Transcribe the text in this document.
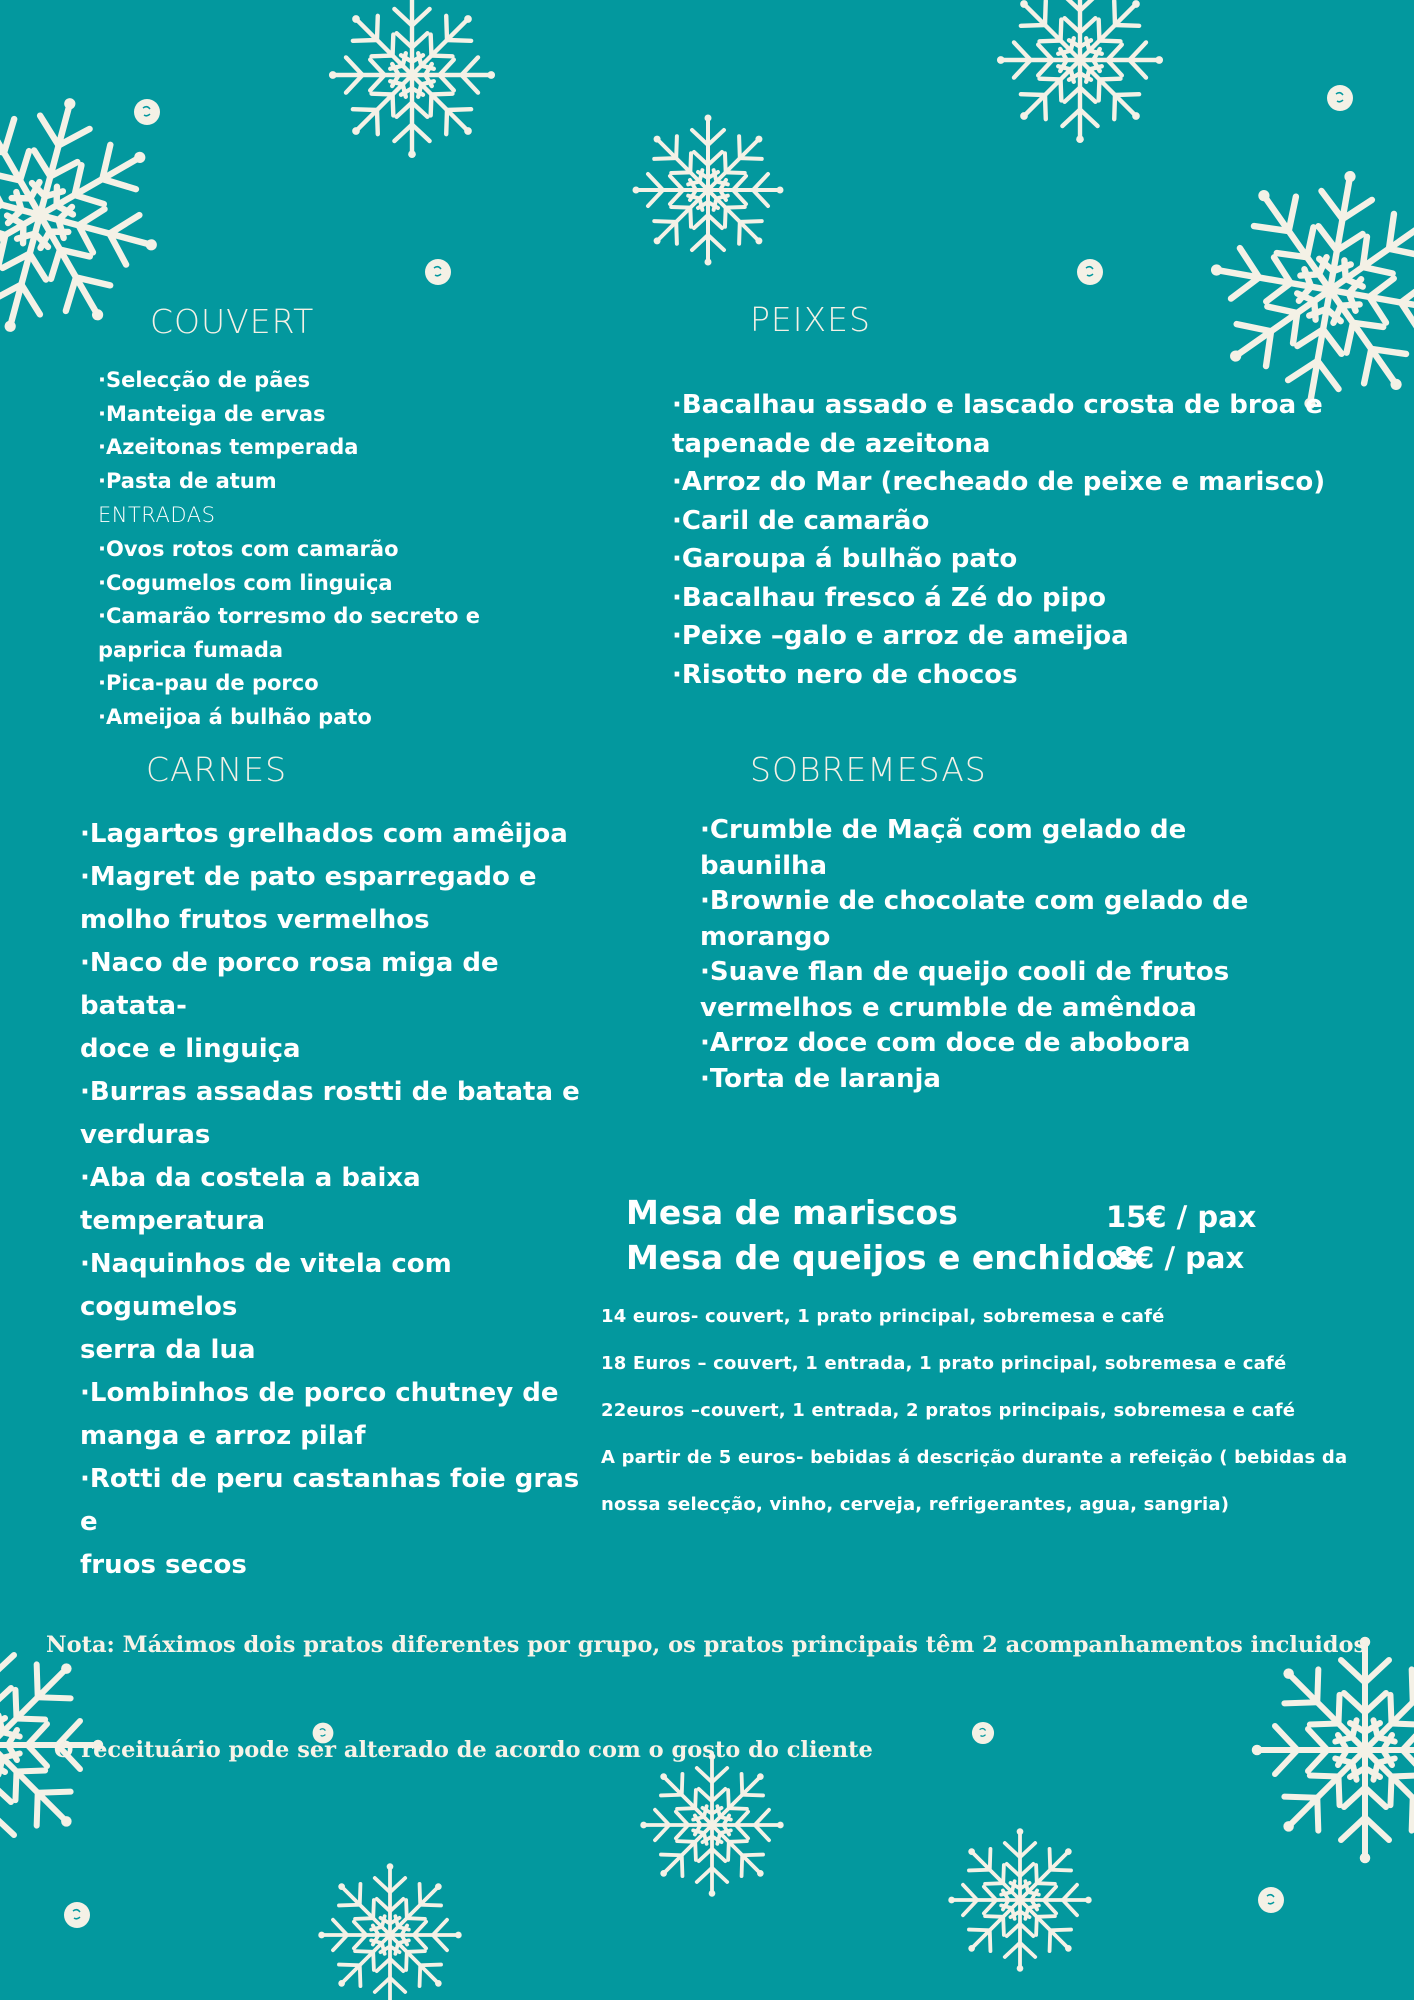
COUVERT
·Selecção de pães
·Manteiga de ervas
·Azeitonas temperada
·Pasta de atum
ENTRADAS
·Ovos rotos com camarão
·Cogumelos com linguiça
·Camarão torresmo do secreto e
paprica fumada
·Pica-pau de porco
·Ameijoa á bulhão pato
PEIXES
·Bacalhau assado e lascado crosta de broa e
tapenade de azeitona
·Arroz do Mar (recheado de peixe e marisco)
·Caril de camarão
·Garoupa á bulhão pato
·Bacalhau fresco á Zé do pipo
·Peixe –galo e arroz de ameijoa
·Risotto nero de chocos
CARNES
·Lagartos grelhados com amêijoa
·Magret de pato esparregado e
molho frutos vermelhos
·Naco de porco rosa miga de batata-
doce e linguiça
·Burras assadas rostti de batata e
verduras
·Aba da costela a baixa temperatura
·Naquinhos de vitela com cogumelos
serra da lua
·Lombinhos de porco chutney de
manga e arroz pilaf
·Rotti de peru castanhas foie gras e
fruos secos
SOBREMESAS
·Crumble de Maçã com gelado de
baunilha
·Brownie de chocolate com gelado de
morango
·Suave flan de queijo cooli de frutos
vermelhos e crumble de amêndoa
·Arroz doce com doce de abobora
·Torta de laranja
Mesa de mariscos	15€ / pax
Mesa de queijos e enchidos
8€ / pax
14 euros- couvert, 1 prato principal, sobremesa e café
18 Euros – couvert, 1 entrada, 1 prato principal, sobremesa e café
22euros –couvert, 1 entrada, 2 pratos principais, sobremesa e café
A partir de 5 euros- bebidas á descrição durante a refeição ( bebidas da
nossa selecção, vinho, cerveja, refrigerantes, agua, sangria)

Nota: Máximos dois pratos diferentes por grupo, os pratos principais têm 2 acompanhamentos incluidos

O receituário pode ser alterado de acordo com o gosto do cliente
